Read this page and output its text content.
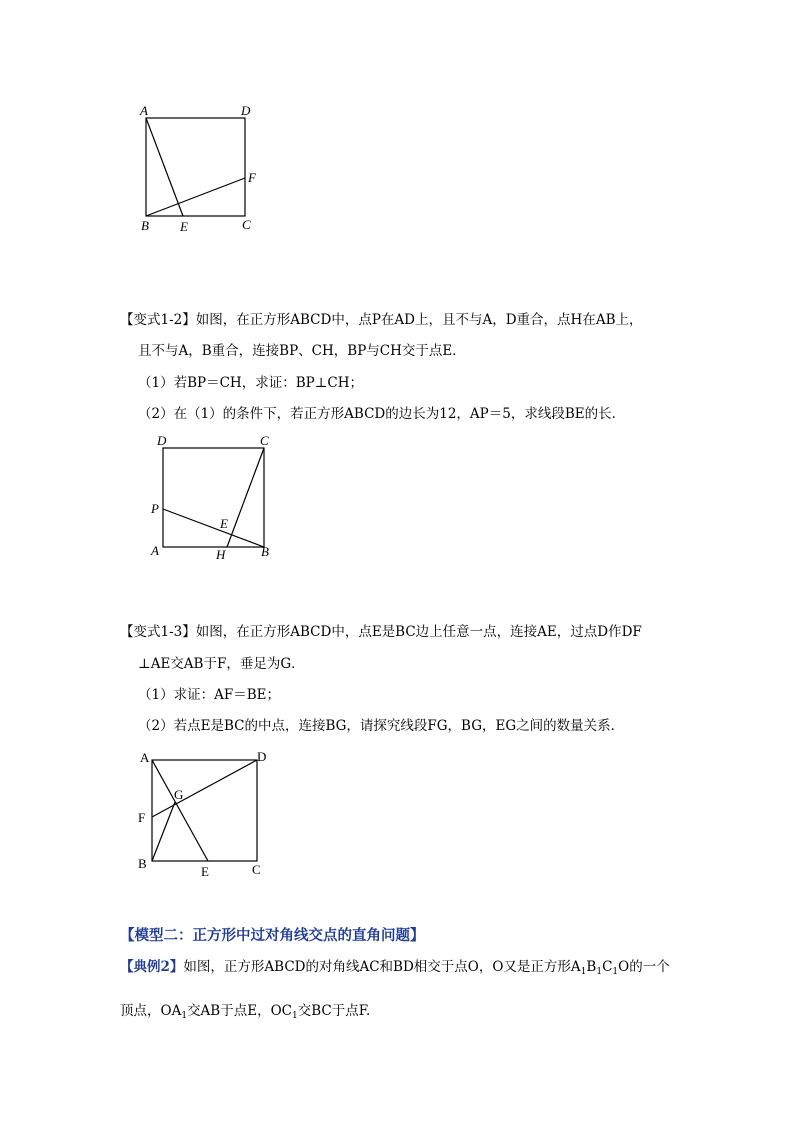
A	D
F
B E	C
【变式1-2】如图，在正方形ABCD中，点P在AD上，且不与A，D重合，点H在AB上，
且不与A，B重合，连接BP、CH，BP与CH交于点E．
（1）若BP＝CH，求证：BP⊥CH；
（2）在（1）的条件下，若正方形ABCD的边长为12，AP＝5，求线段BE的长．
D	C
P
E
A	H	B
【变式1-3】如图，在正方形ABCD中，点E是BC边上任意一点，连接AE，过点D作DF
⊥AE交AB于F，垂足为G．
（1）求证：AF＝BE；
（2）若点E是BC的中点，连接BG，请探究线段FG，BG，EG之间的数量关系．
A	D
G
F
B
E	C
【模型二：正方形中过对角线交点的直角问题】
【典例2】如图，正方形ABCD的对角线AC和BD相交于点O，O又是正方形$A_1B_1C_1O$的一个
顶点，$OA_1$交AB于点E，$OC_1$交BC于点F.
